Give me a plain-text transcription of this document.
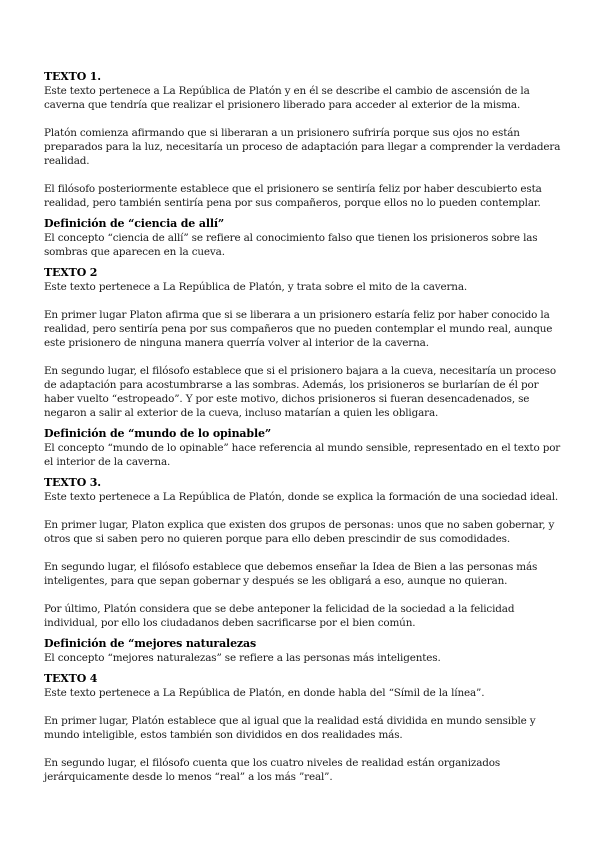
TEXTO 1.

Este texto pertenece a La República de Platón y en él se describe el cambio de ascensión de la caverna que tendría que realizar el prisionero liberado para acceder al exterior de la misma.

Platón comienza afirmando que si liberaran a un prisionero sufriría porque sus ojos no están preparados para la luz, necesitaría un proceso de adaptación para llegar a comprender la verdadera realidad.

El filósofo posteriormente establece que el prisionero se sentiría feliz por haber descubierto esta realidad, pero también sentiría pena por sus compañeros, porque ellos no lo pueden contemplar.

Definición de “ciencia de allí”

El concepto “ciencia de allí” se refiere al conocimiento falso que tienen los prisioneros sobre las sombras que aparecen en la cueva.

TEXTO 2

Este texto pertenece a La República de Platón, y trata sobre el mito de la caverna.

En primer lugar Platon afirma que si se liberara a un prisionero estaría feliz por haber conocido la realidad, pero sentiría pena por sus compañeros que no pueden contemplar el mundo real, aunque este prisionero de ninguna manera querría volver al interior de la caverna.

En segundo lugar, el filósofo establece que si el prisionero bajara a la cueva, necesitaría un proceso de adaptación para acostumbrarse a las sombras. Además, los prisioneros se burlarían de él por haber vuelto “estropeado”. Y por este motivo, dichos prisioneros si fueran desencadenados, se negaron a salir al exterior de la cueva, incluso matarían a quien les obligara.

Definición de “mundo de lo opinable”

El concepto “mundo de lo opinable” hace referencia al mundo sensible, representado en el texto por el interior de la caverna.

TEXTO 3.

Este texto pertenece a La República de Platón, donde se explica la formación de una sociedad ideal.

En primer lugar, Platon explica que existen dos grupos de personas: unos que no saben gobernar, y otros que si saben pero no quieren porque para ello deben prescindir de sus comodidades.

En segundo lugar, el filósofo establece que debemos enseñar la Idea de Bien a las personas más inteligentes, para que sepan gobernar y después se les obligará a eso, aunque no quieran.

Por último, Platón considera que se debe anteponer la felicidad de la sociedad a la felicidad individual, por ello los ciudadanos deben sacrificarse por el bien común.

Definición de “mejores naturalezas

El concepto “mejores naturalezas” se refiere a las personas más inteligentes.

TEXTO 4

Este texto pertenece a La República de Platón, en donde habla del “Símil de la línea”.

En primer lugar, Platón establece que al igual que la realidad está dividida en mundo sensible y mundo inteligible, estos también son divididos en dos realidades más.

En segundo lugar, el filósofo cuenta que los cuatro niveles de realidad están organizados jerárquicamente desde lo menos “real” a los más ”real”.
